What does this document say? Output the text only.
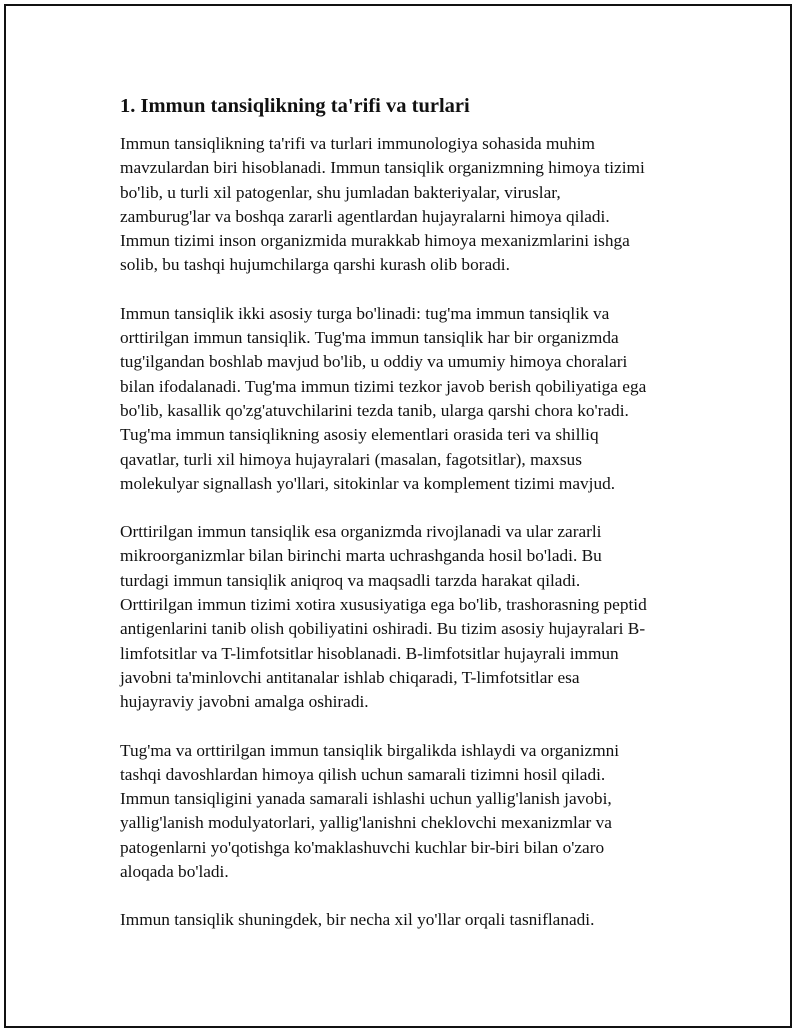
1. Immun tansiqlikning ta'rifi va turlari

Immun tansiqlikning ta'rifi va turlari immunologiya sohasida muhim
mavzulardan biri hisoblanadi. Immun tansiqlik organizmning himoya tizimi
bo'lib, u turli xil patogenlar, shu jumladan bakteriyalar, viruslar,
zamburug'lar va boshqa zararli agentlardan hujayralarni himoya qiladi.
Immun tizimi inson organizmida murakkab himoya mexanizmlarini ishga
solib, bu tashqi hujumchilarga qarshi kurash olib boradi.

Immun tansiqlik ikki asosiy turga bo'linadi: tug'ma immun tansiqlik va
orttirilgan immun tansiqlik. Tug'ma immun tansiqlik har bir organizmda
tug'ilgandan boshlab mavjud bo'lib, u oddiy va umumiy himoya choralari
bilan ifodalanadi. Tug'ma immun tizimi tezkor javob berish qobiliyatiga ega
bo'lib, kasallik qo'zg'atuvchilarini tezda tanib, ularga qarshi chora ko'radi.
Tug'ma immun tansiqlikning asosiy elementlari orasida teri va shilliq
qavatlar, turli xil himoya hujayralari (masalan, fagotsitlar), maxsus
molekulyar signallash yo'llari, sitokinlar va komplement tizimi mavjud.

Orttirilgan immun tansiqlik esa organizmda rivojlanadi va ular zararli
mikroorganizmlar bilan birinchi marta uchrashganda hosil bo'ladi. Bu
turdagi immun tansiqlik aniqroq va maqsadli tarzda harakat qiladi.
Orttirilgan immun tizimi xotira xususiyatiga ega bo'lib, trashorasning peptid
antigenlarini tanib olish qobiliyatini oshiradi. Bu tizim asosiy hujayralari B-
limfotsitlar va T-limfotsitlar hisoblanadi. B-limfotsitlar hujayrali immun
javobni ta'minlovchi antitanalar ishlab chiqaradi, T-limfotsitlar esa
hujayraviy javobni amalga oshiradi.

Tug'ma va orttirilgan immun tansiqlik birgalikda ishlaydi va organizmni
tashqi davoshlardan himoya qilish uchun samarali tizimni hosil qiladi.
Immun tansiqligini yanada samarali ishlashi uchun yallig'lanish javobi,
yallig'lanish modulyatorlari, yallig'lanishni cheklovchi mexanizmlar va
patogenlarni yo'qotishga ko'maklashuvchi kuchlar bir-biri bilan o'zaro
aloqada bo'ladi.

Immun tansiqlik shuningdek, bir necha xil yo'llar orqali tasniflanadi.
